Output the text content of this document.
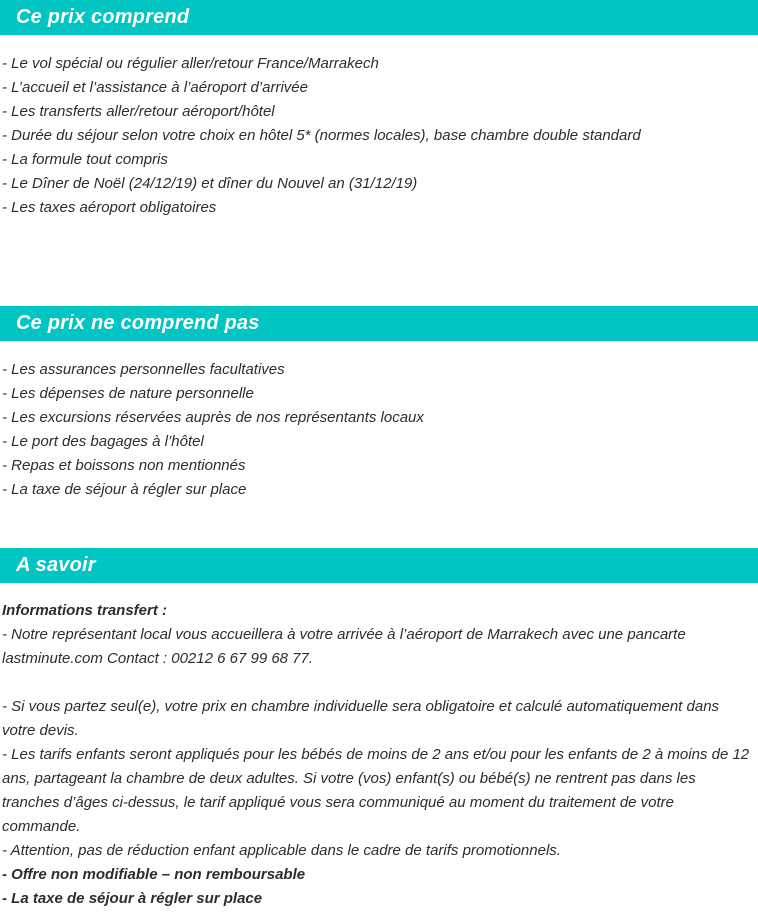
Ce prix comprend
- Le vol spécial ou régulier aller/retour France/Marrakech
- L’accueil et l’assistance à l’aéroport d’arrivée
- Les transferts aller/retour aéroport/hôtel
- Durée du séjour selon votre choix en hôtel 5* (normes locales), base chambre double standard
- La formule tout compris
- Le Dîner de Noël (24/12/19) et dîner du Nouvel an (31/12/19)
- Les taxes aéroport obligatoires
Ce prix ne comprend pas
- Les assurances personnelles facultatives
- Les dépenses de nature personnelle
- Les excursions réservées auprès de nos représentants locaux
- Le port des bagages à l’hôtel
- Repas et boissons non mentionnés
- La taxe de séjour à régler sur place
A savoir
Informations transfert :
- Notre représentant local vous accueillera à votre arrivée à l’aéroport de Marrakech avec une pancarte lastminute.com Contact : 00212 6 67 99 68 77.
- Si vous partez seul(e), votre prix en chambre individuelle sera obligatoire et calculé automatiquement dans votre devis.
- Les tarifs enfants seront appliqués pour les bébés de moins de 2 ans et/ou pour les enfants de 2 à moins de 12 ans, partageant la chambre de deux adultes. Si votre (vos) enfant(s) ou bébé(s) ne rentrent pas dans les tranches d’âges ci-dessus, le tarif appliqué vous sera communiqué au moment du traitement de votre commande.
- Attention, pas de réduction enfant applicable dans le cadre de tarifs promotionnels.
- Offre non modifiable – non remboursable
- La taxe de séjour à régler sur place
